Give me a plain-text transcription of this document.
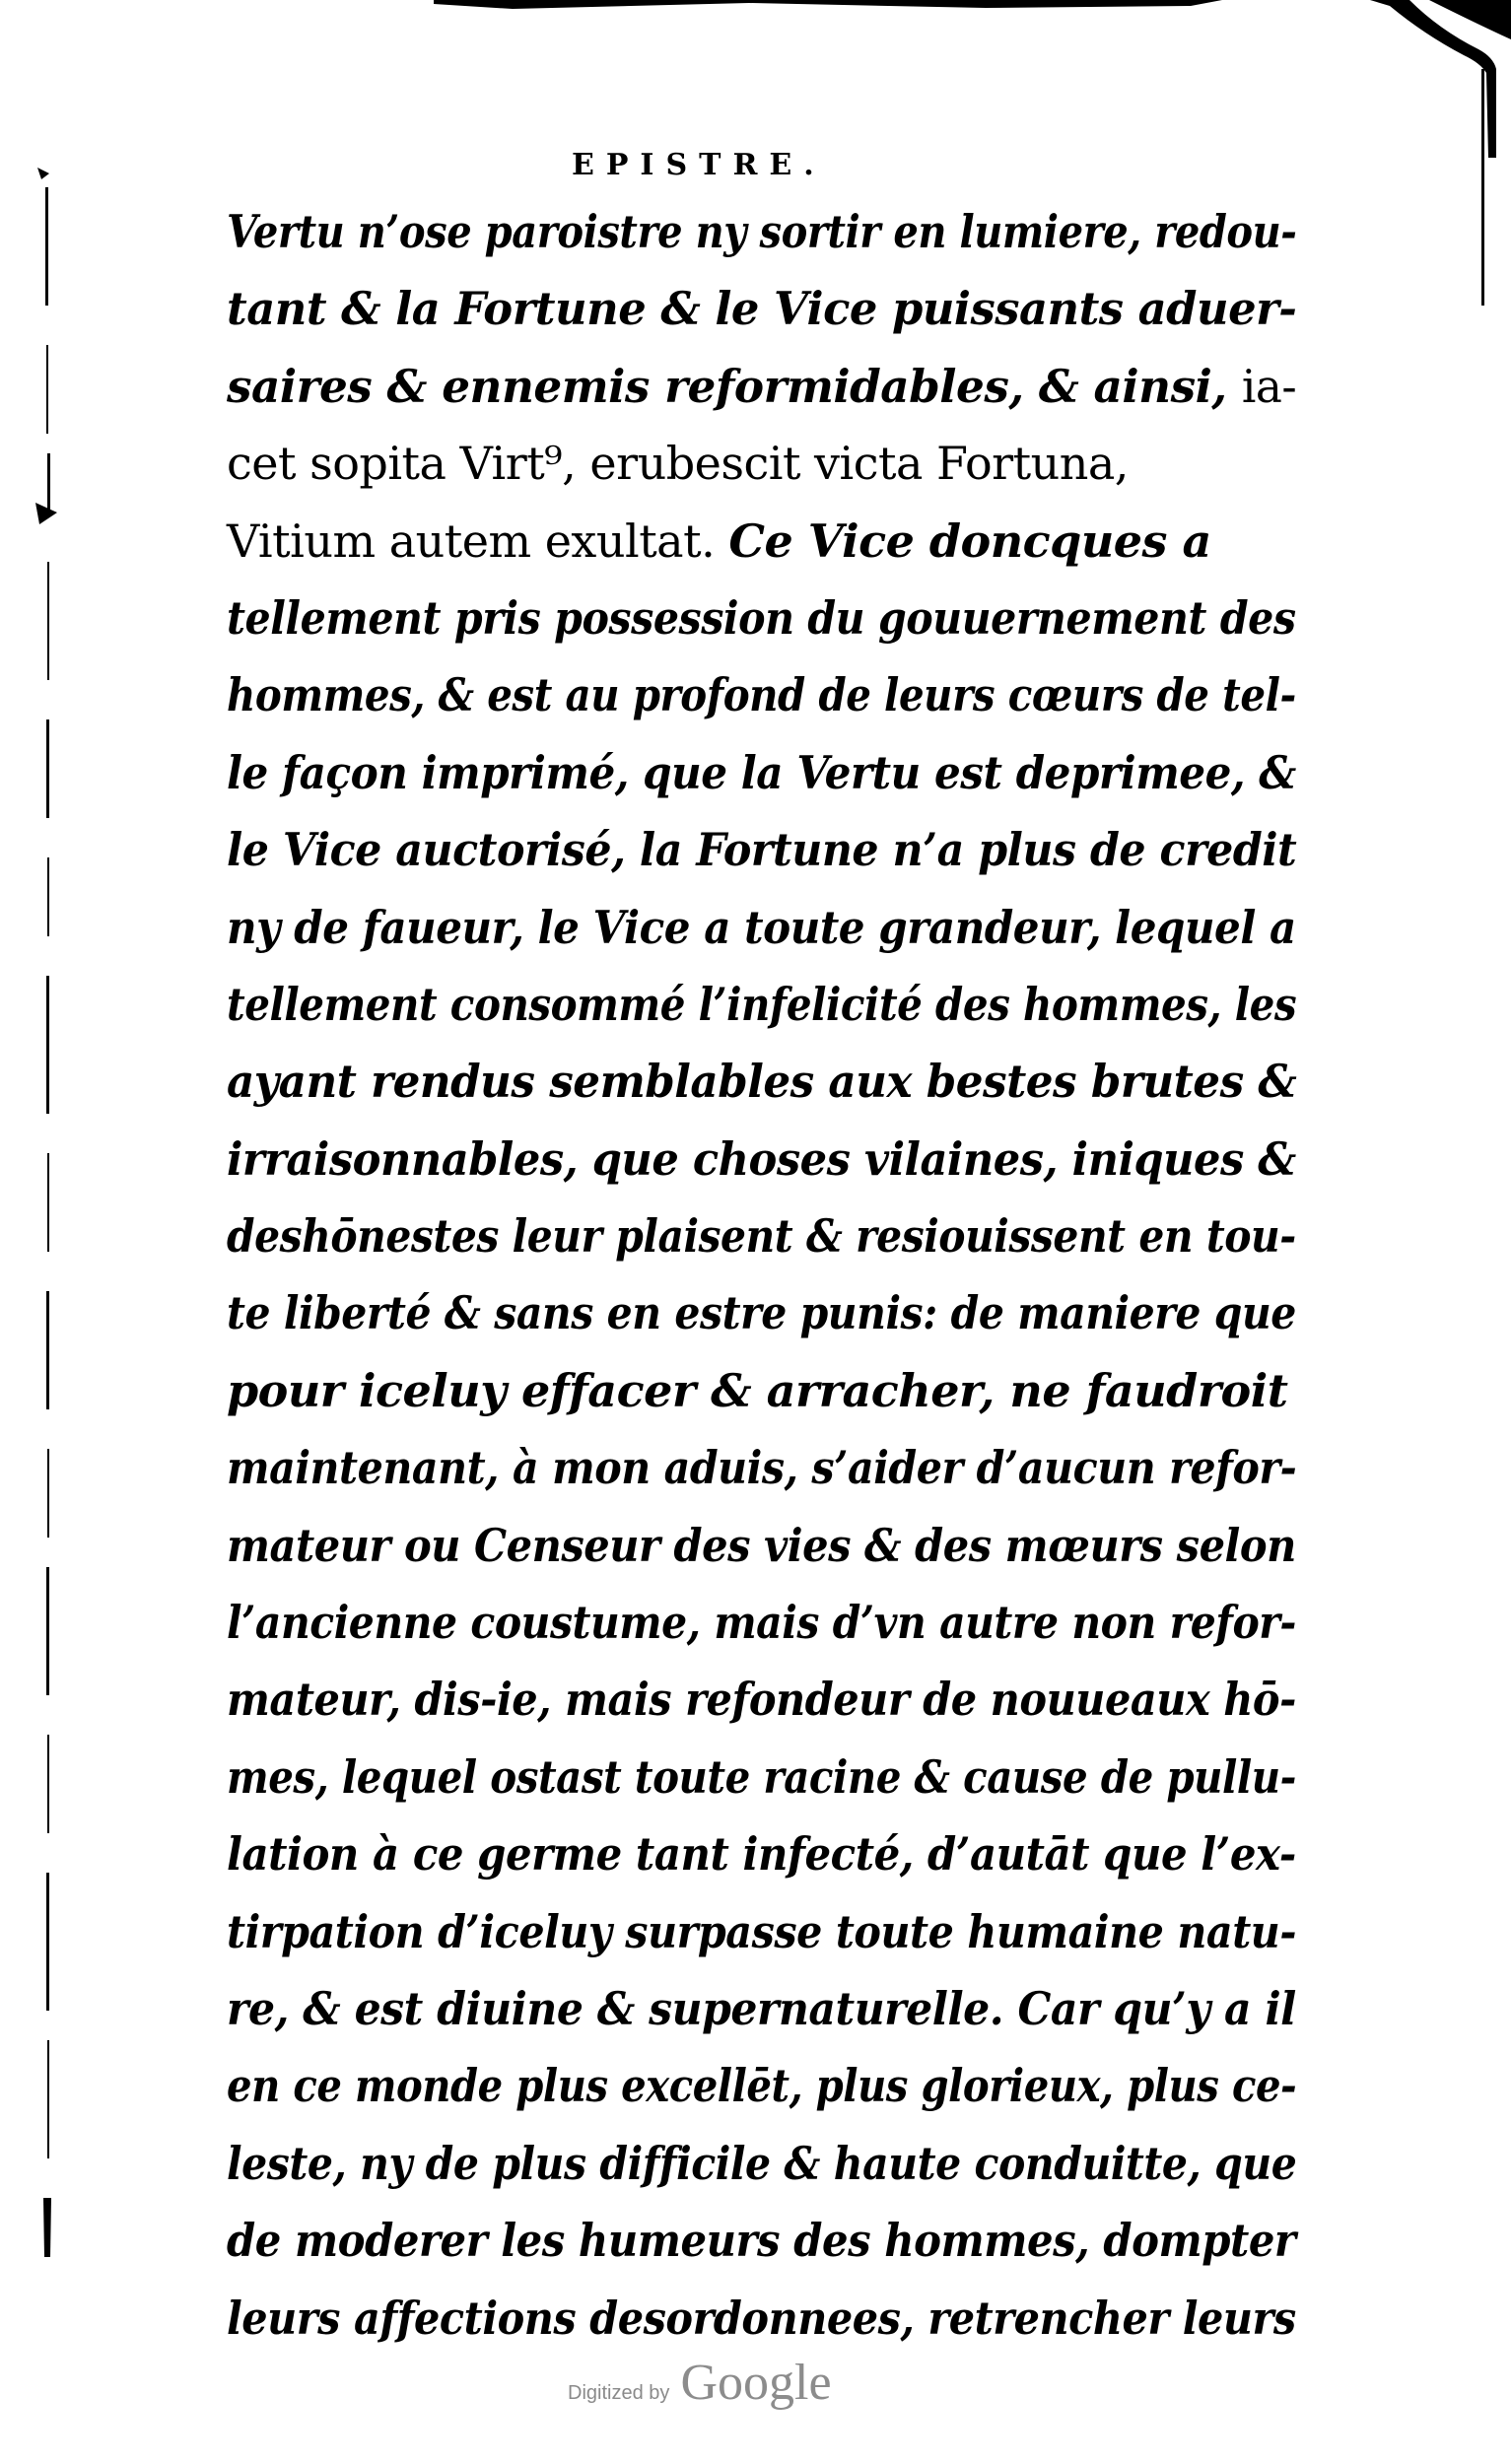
EPISTRE.
Vertu n’ose paroistre ny sortir en lumiere, redou-
tant & la Fortune & le Vice puissants aduer-
saires & ennemis reformidables, & ainsi, ia-
cet sopita Virt⁹, erubescit victa Fortuna,
Vitium autem exultat. Ce Vice doncques a
tellement pris possession du gouuernement des
hommes, & est au profond de leurs cœurs de tel-
le façon imprimé, que la Vertu est deprimee, &
le Vice auctorisé, la Fortune n’a plus de credit
ny de faueur, le Vice a toute grandeur, lequel a
tellement consommé l’infelicité des hommes, les
ayant rendus semblables aux bestes brutes &
irraisonnables, que choses vilaines, iniques &
deshōnestes leur plaisent & resiouissent en tou-
te liberté & sans en estre punis: de maniere que
pour iceluy effacer & arracher, ne faudroit
maintenant, à mon aduis, s’aider d’aucun refor-
mateur ou Censeur des vies & des mœurs selon
l’ancienne coustume, mais d’vn autre non refor-
mateur, dis-ie, mais refondeur de nouueaux hō-
mes, lequel ostast toute racine & cause de pullu-
lation à ce germe tant infecté, d’autāt que l’ex-
tirpation d’iceluy surpasse toute humaine natu-
re, & est diuine & supernaturelle. Car qu’y a il
en ce monde plus excellēt, plus glorieux, plus ce-
leste, ny de plus difficile & haute conduitte, que
de moderer les humeurs des hommes, dompter
leurs affections desordonnees, retrencher leurs
Digitized by Google
